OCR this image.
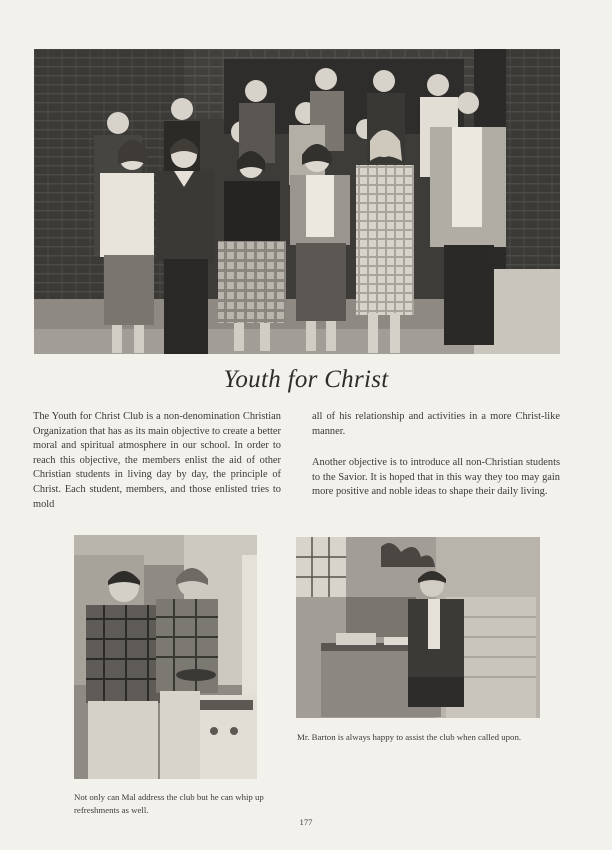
Youth for Christ

The Youth for Christ Club is a non-denomination Christian Organization that has as its main objective to create a better moral and spiritual atmosphere in our school. In order to reach this objective, the members enlist the aid of other Christian students in living day by day, the principle of Christ. Each student, members, and those enlisted tries to mold

all of his relationship and activities in a more Christ-like manner.

Another objective is to introduce all non-Christian students to the Savior. It is hoped that in this way they too may gain more positive and noble ideas to shape their daily living.

Mr. Barton is always happy to assist the club when called upon.

Not only can Mal address the club but he can whip up refreshments as well.

177
